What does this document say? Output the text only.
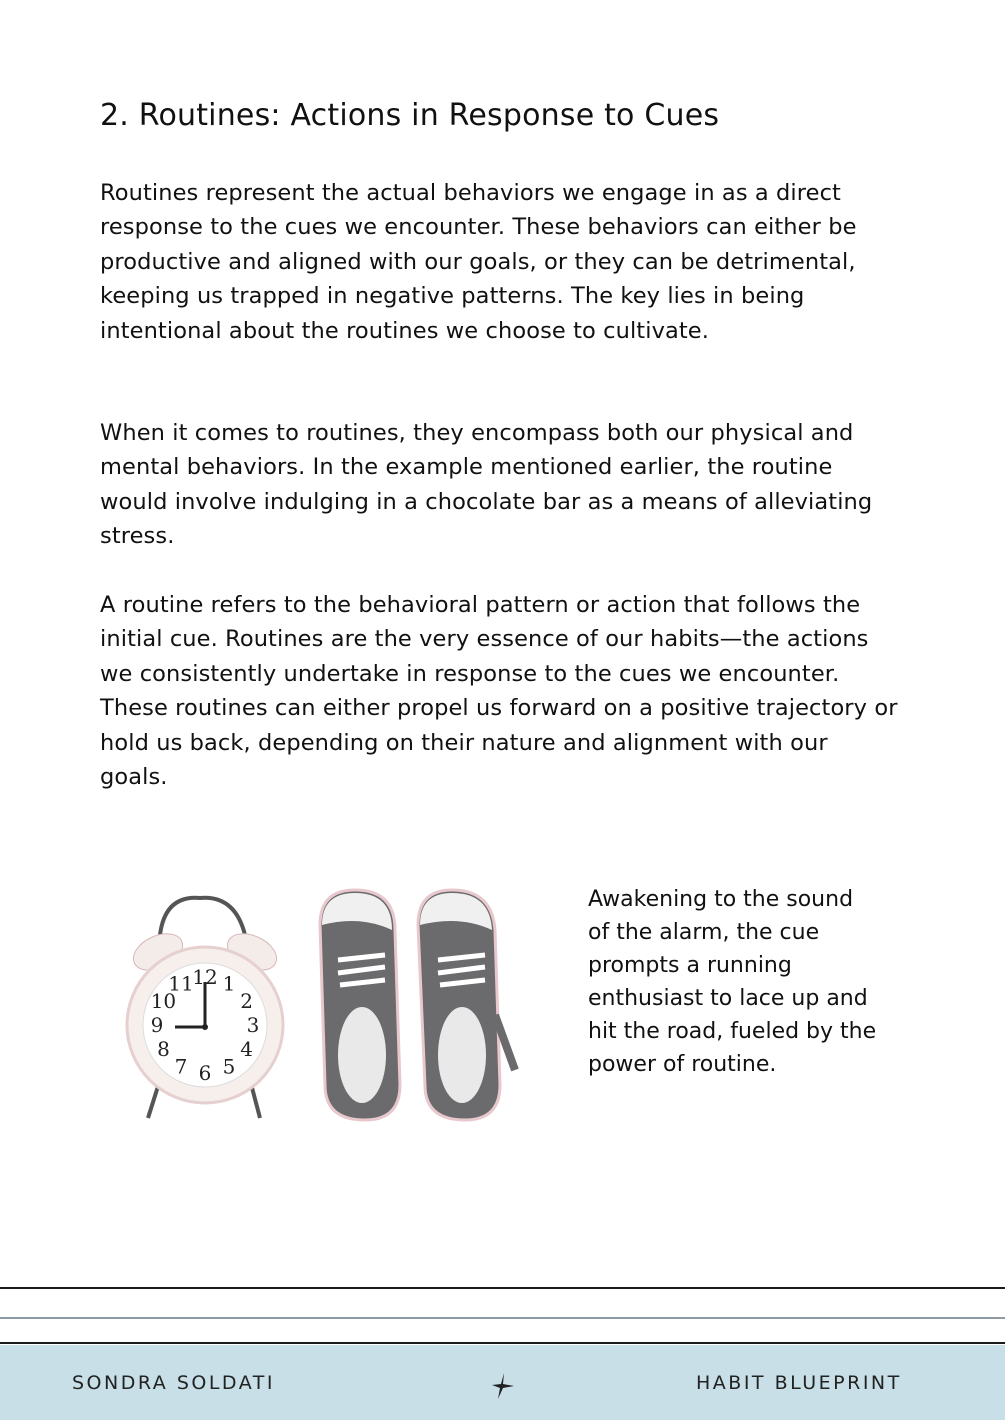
2. Routines: Actions in Response to Cues

Routines represent the actual behaviors we engage in as a direct response to the cues we encounter. These behaviors can either be productive and aligned with our goals, or they can be detrimental, keeping us trapped in negative patterns. The key lies in being intentional about the routines we choose to cultivate.

When it comes to routines, they encompass both our physical and mental behaviors. In the example mentioned earlier, the routine would involve indulging in a chocolate bar as a means of alleviating stress.

A routine refers to the behavioral pattern or action that follows the initial cue. Routines are the very essence of our habits—the actions we consistently undertake in response to the cues we encounter. These routines can either propel us forward on a positive trajectory or hold us back, depending on their nature and alignment with our goals.

12 1
2
3
4
5
6
7
8
9
10
11

Awakening to the sound of the alarm, the cue prompts a running enthusiast to lace up and hit the road, fueled by the power of routine.

SONDRA SOLDATI	HABIT BLUEPRINT
